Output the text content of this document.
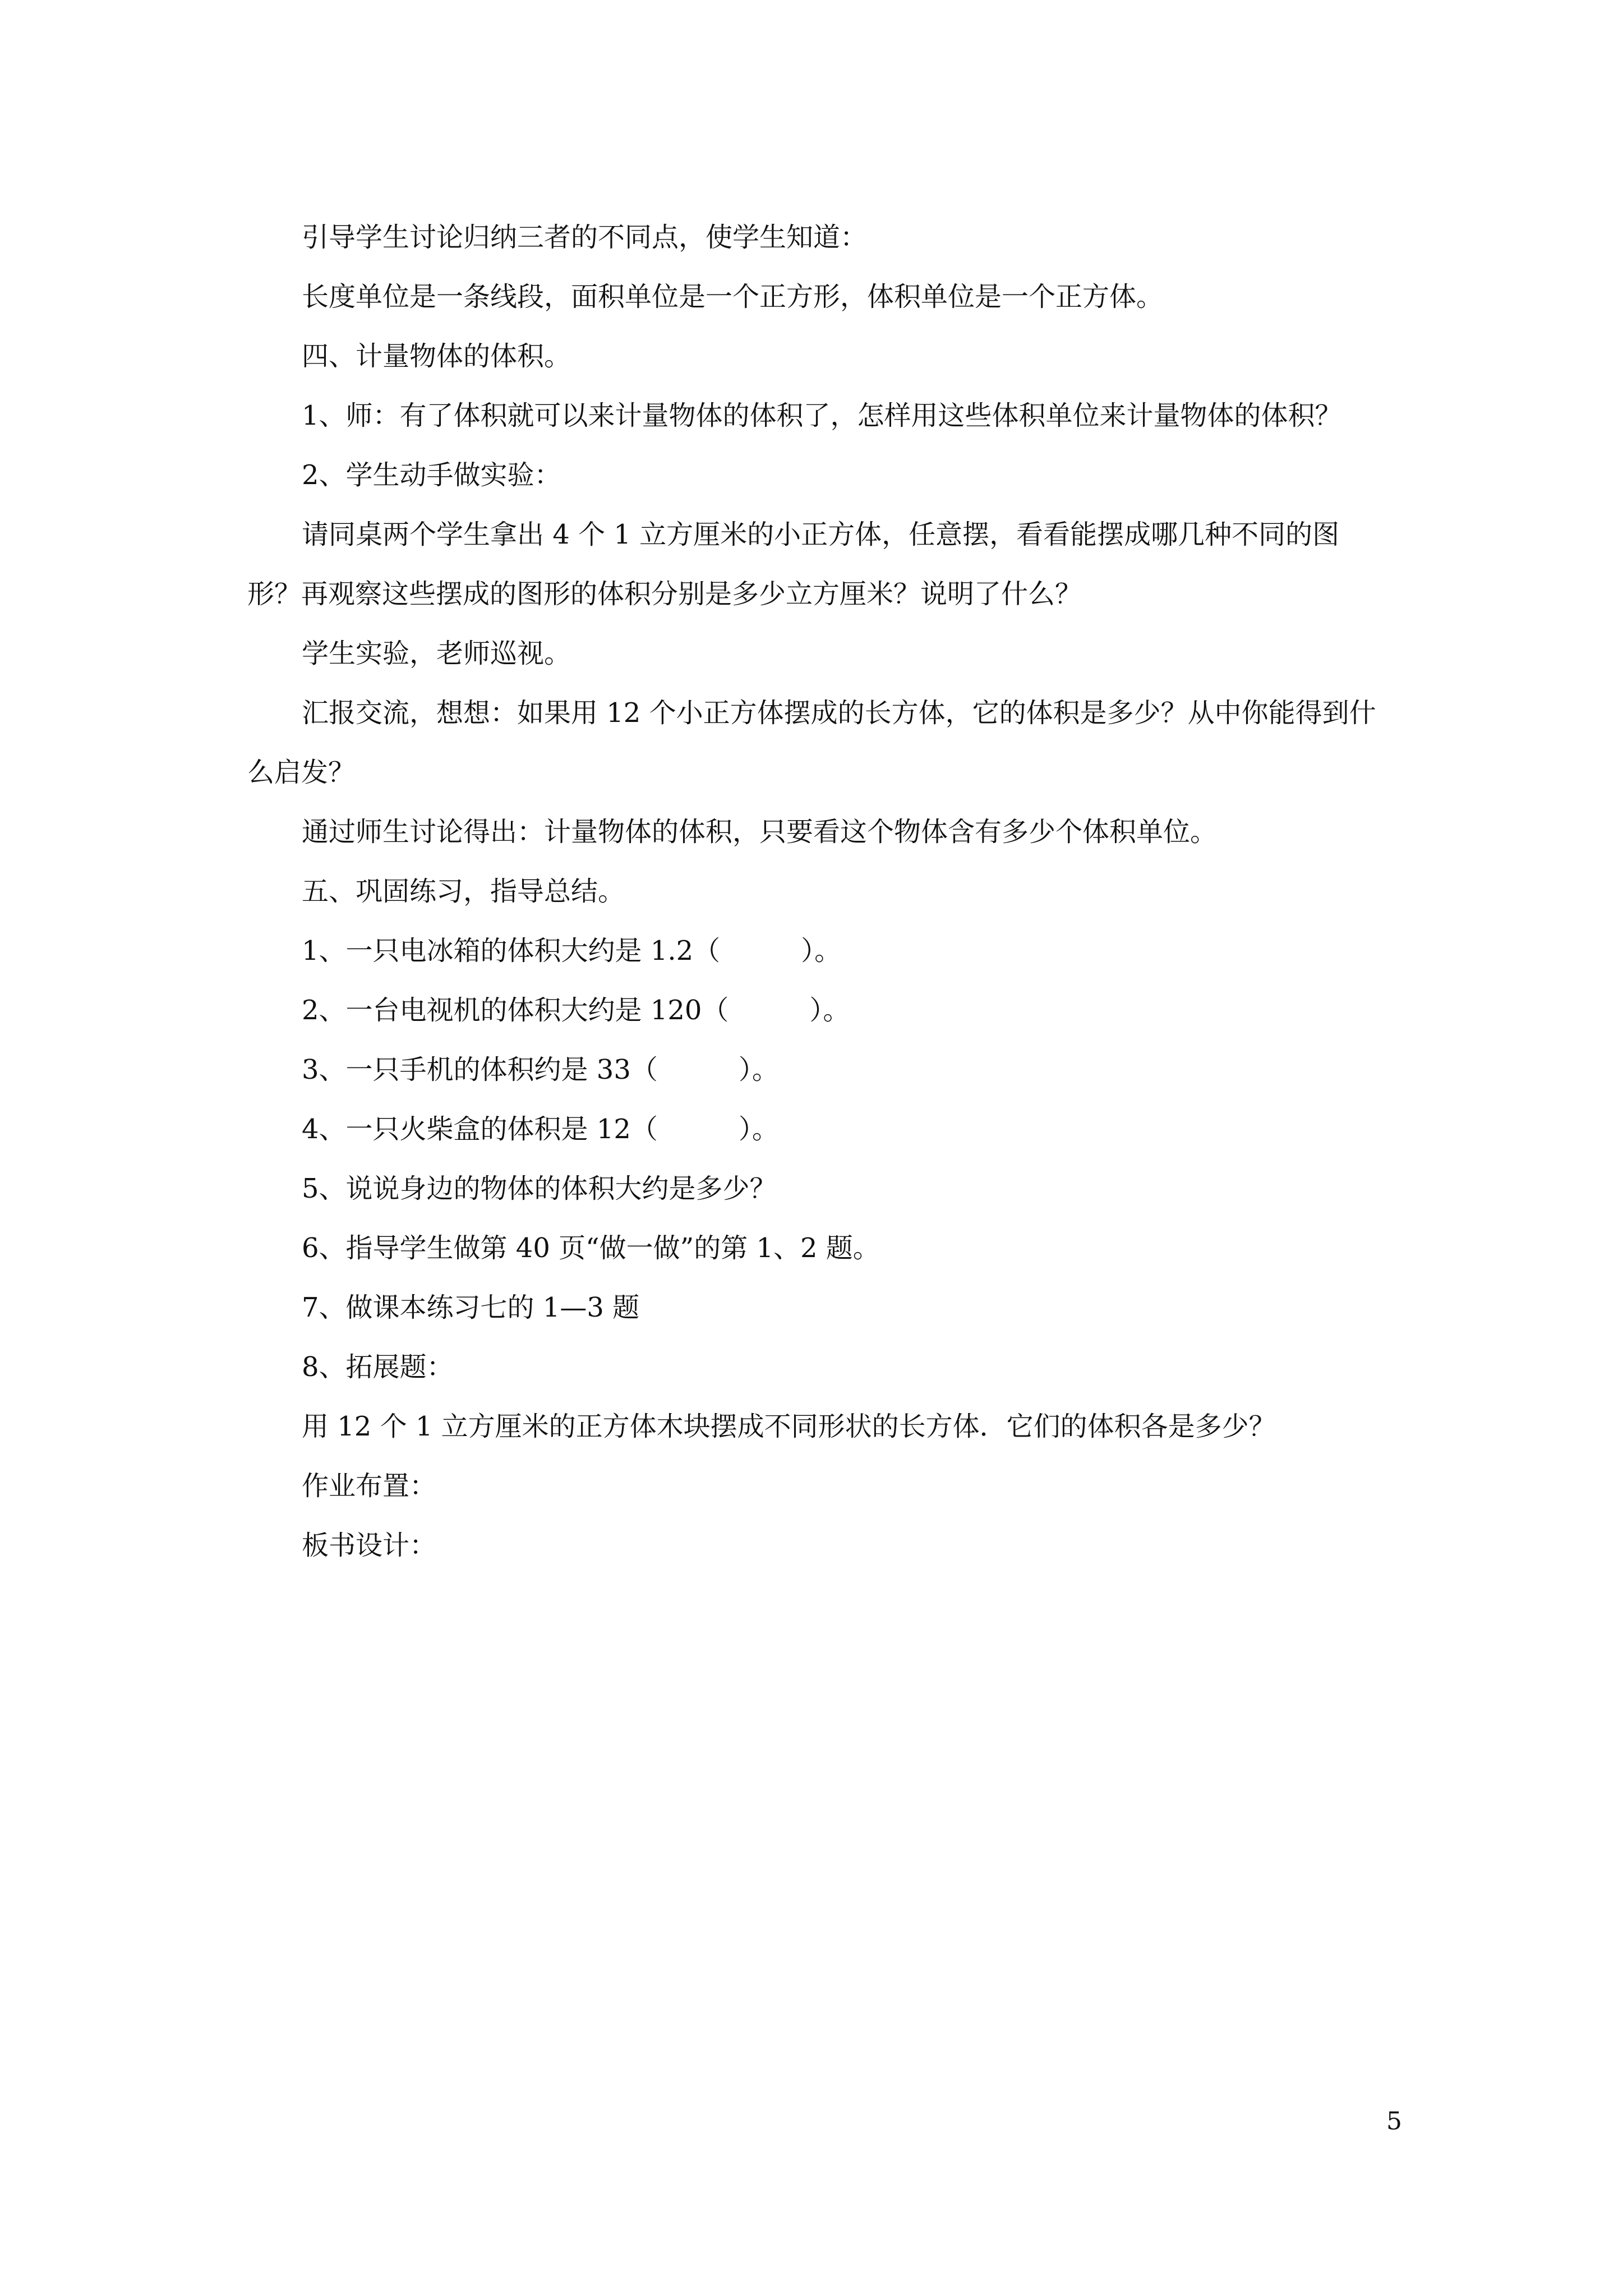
引导学生讨论归纳三者的不同点，使学生知道：

长度单位是一条线段，面积单位是一个正方形，体积单位是一个正方体。

四、计量物体的体积。

1、师：有了体积就可以来计量物体的体积了，怎样用这些体积单位来计量物体的体积？

2、学生动手做实验：

请同桌两个学生拿出 4 个 1 立方厘米的小正方体，任意摆，看看能摆成哪几种不同的图形？再观察这些摆成的图形的体积分别是多少立方厘米？说明了什么？

学生实验，老师巡视。

汇报交流，想想：如果用 12 个小正方体摆成的长方体，它的体积是多少？从中你能得到什么启发？

通过师生讨论得出：计量物体的体积，只要看这个物体含有多少个体积单位。

五、巩固练习，指导总结。

1、一只电冰箱的体积大约是 1.2（　　　）。

2、一台电视机的体积大约是 120（　　　）。

3、一只手机的体积约是 33（　　　）。

4、一只火柴盒的体积是 12（　　　）。

5、说说身边的物体的体积大约是多少？

6、指导学生做第 40 页“做一做”的第 1、2 题。

7、做课本练习七的 1—3 题

8、拓展题：

用 12 个 1 立方厘米的正方体木块摆成不同形状的长方体．它们的体积各是多少？

作业布置：

板书设计：

5
